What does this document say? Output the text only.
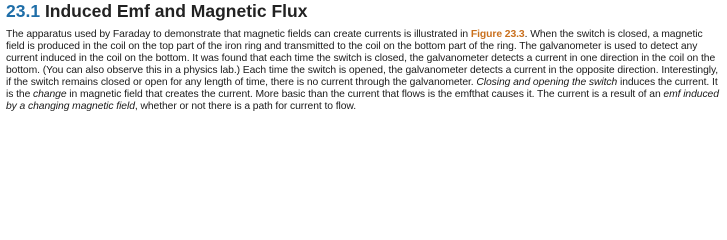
23.1 Induced Emf and Magnetic Flux

The apparatus used by Faraday to demonstrate that magnetic fields can create currents is illustrated in Figure 23.3. When the switch is closed, a magnetic field is produced in the coil on the top part of the iron ring and transmitted to the coil on the bottom part of the ring. The galvanometer is used to detect any current induced in the coil on the bottom. It was found that each time the switch is closed, the galvanometer detects a current in one direction in the coil on the bottom. (You can also observe this in a physics lab.) Each time the switch is opened, the galvanometer detects a current in the opposite direction. Interestingly, if the switch remains closed or open for any length of time, there is no current through the galvanometer. Closing and opening the switch induces the current. It is the change in magnetic field that creates the current. More basic than the current that flows is the emfthat causes it. The current is a result of an emf induced by a changing magnetic field, whether or not there is a path for current to flow.
